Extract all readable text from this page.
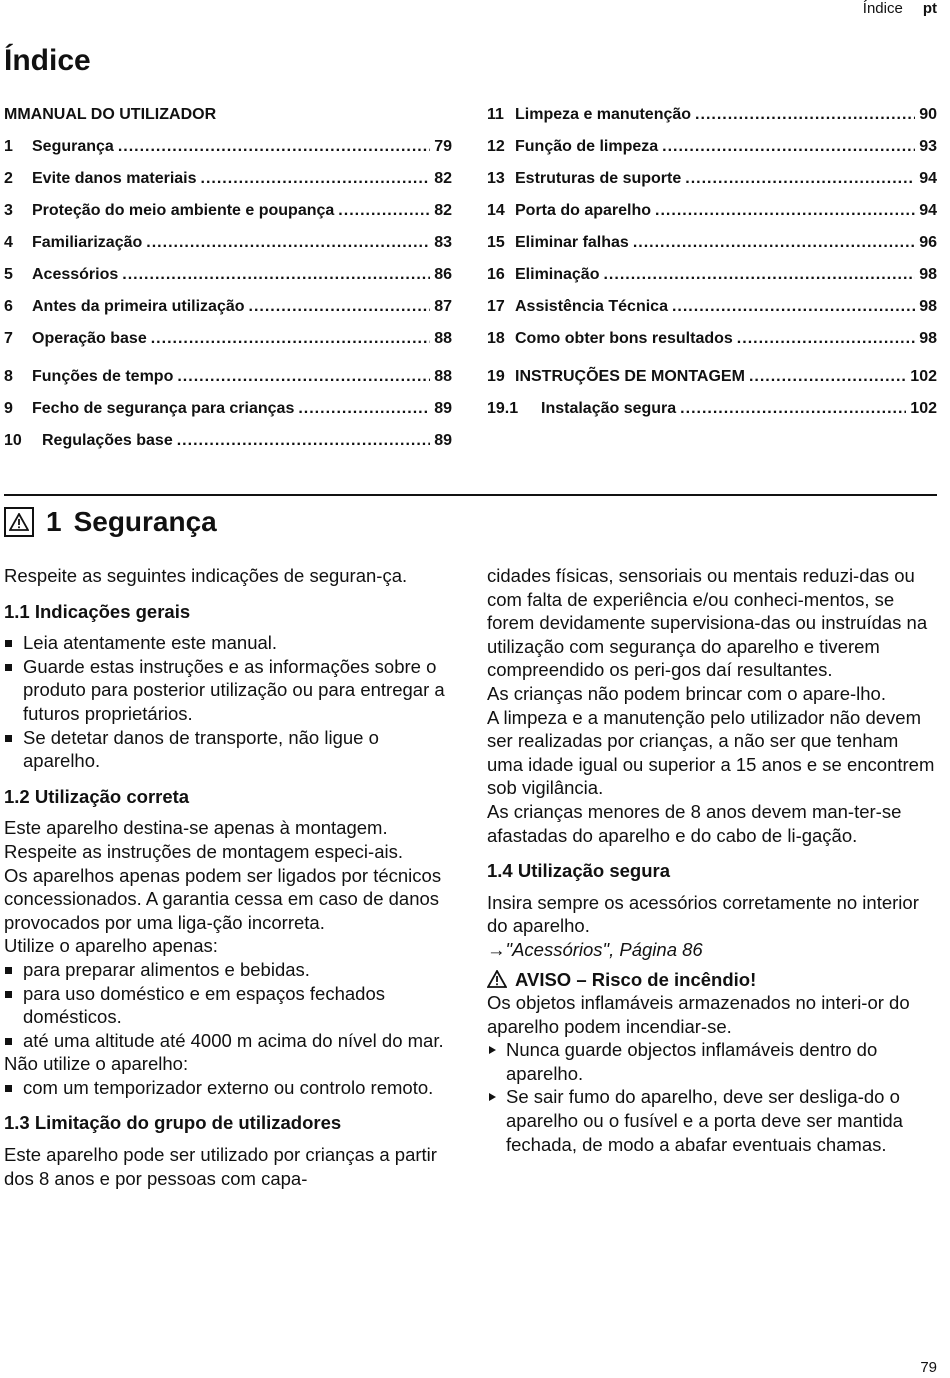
Índice pt
Índice
MMANUAL DO UTILIZADOR
1	Segurança .....	79
2	Evite danos materiais .....	82
3	Proteção do meio ambiente e poupança .....	82
4	Familiarização .....	83
5	Acessórios .....	86
6	Antes da primeira utilização .....	87
7	Operação base .....	88
8	Funções de tempo .....	88
9	Fecho de segurança para crianças .....	89
10	Regulações base .....	89
11 Limpeza e manutenção .....	90
12 Função de limpeza .....	93
13 Estruturas de suporte .....	94
14 Porta do aparelho .....	94
15 Eliminar falhas .....	96
16 Eliminação .....	98
17 Assistência Técnica .....	98
18 Como obter bons resultados .....	98
19 INSTRUÇÕES DE MONTAGEM .....	102
19.1	Instalação segura .....	102
1 Segurança

Respeite as seguintes indicações de seguran-ça.

1.1 Indicações gerais
Leia atentamente este manual.
Guarde estas instruções e as informações sobre o produto para posterior utilização ou para entregar a futuros proprietários.
Se detetar danos de transporte, não ligue o aparelho.
1.2 Utilização correta

Este aparelho destina-se apenas à montagem. Respeite as instruções de montagem especi-ais.

Os aparelhos apenas podem ser ligados por técnicos concessionados. A garantia cessa em caso de danos provocados por uma liga-ção incorreta.

Utilize o aparelho apenas:

para preparar alimentos e bebidas.
para uso doméstico e em espaços fechados domésticos.
até uma altitude até 4000 m acima do nível do mar.

Não utilize o aparelho:

com um temporizador externo ou controlo remoto.
1.3 Limitação do grupo de utilizadores

Este aparelho pode ser utilizado por crianças a partir dos 8 anos e por pessoas com capa-

cidades físicas, sensoriais ou mentais reduzi-das ou com falta de experiência e/ou conheci-mentos, se forem devidamente supervisiona-das ou instruídas na utilização com segurança do aparelho e tiverem compreendido os peri-gos daí resultantes.

As crianças não podem brincar com o apare-lho.

A limpeza e a manutenção pelo utilizador não devem ser realizadas por crianças, a não ser que tenham uma idade igual ou superior a 15 anos e se encontrem sob vigilância.

As crianças menores de 8 anos devem man-ter-se afastadas do aparelho e do cabo de li-gação.

1.4 Utilização segura

Insira sempre os acessórios corretamente no interior do aparelho.

→"Acessórios", Página 86

AVISO – Risco de incêndio!

Os objetos inflamáveis armazenados no interi-or do aparelho podem incendiar-se.

Nunca guarde objectos inflamáveis dentro do aparelho.
Se sair fumo do aparelho, deve ser desliga-do o aparelho ou o fusível e a porta deve ser mantida fechada, de modo a abafar eventuais chamas.
79
